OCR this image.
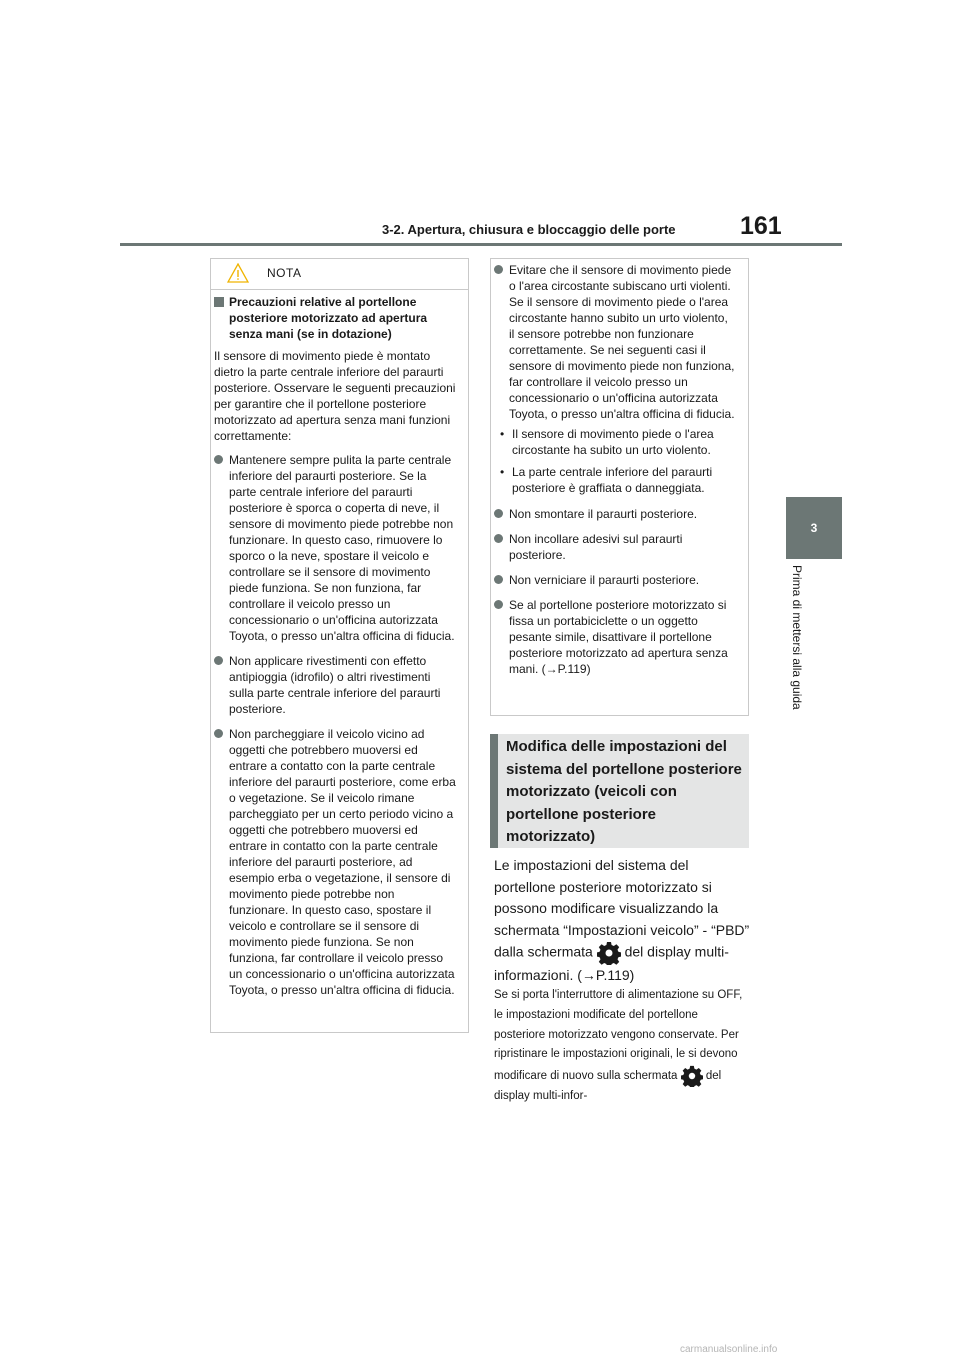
3-2. Apertura, chiusura e bloccaggio delle porte	161
3
Prima di mettersi alla guida
NOTA
Precauzioni relative al portellone posteriore motorizzato ad apertura senza mani (se in dotazione)
Il sensore di movimento piede è montato dietro la parte centrale inferiore del paraurti posteriore. Osservare le seguenti precauzioni per garantire che il portellone posteriore motorizzato ad apertura senza mani funzioni correttamente:
Mantenere sempre pulita la parte centrale inferiore del paraurti posteriore. Se la parte centrale inferiore del paraurti posteriore è sporca o coperta di neve, il sensore di movimento piede potrebbe non funzionare. In questo caso, rimuovere lo sporco o la neve, spostare il veicolo e controllare se il sensore di movimento piede funziona. Se non funziona, far controllare il veicolo presso un concessionario o un'officina autorizzata Toyota, o presso un'altra officina di fiducia.
Non applicare rivestimenti con effetto antipioggia (idrofilo) o altri rivestimenti sulla parte centrale inferiore del paraurti posteriore.
Non parcheggiare il veicolo vicino ad oggetti che potrebbero muoversi ed entrare a contatto con la parte centrale inferiore del paraurti posteriore, come erba o vegetazione. Se il veicolo rimane parcheggiato per un certo periodo vicino a oggetti che potrebbero muoversi ed entrare in contatto con la parte centrale inferiore del paraurti posteriore, ad esempio erba o vegetazione, il sensore di movimento piede potrebbe non funzionare. In questo caso, spostare il veicolo e controllare se il sensore di movimento piede funziona. Se non funziona, far controllare il veicolo presso un concessionario o un'officina autorizzata Toyota, o presso un'altra officina di fiducia.
Evitare che il sensore di movimento piede o l'area circostante subiscano urti violenti. Se il sensore di movimento piede o l'area circostante hanno subito un urto violento, il sensore potrebbe non funzionare correttamente. Se nei seguenti casi il sensore di movimento piede non funziona, far controllare il veicolo presso un concessionario o un'officina autorizzata Toyota, o presso un'altra officina di fiducia.
• Il sensore di movimento piede o l'area circostante ha subito un urto violento.
• La parte centrale inferiore del paraurti posteriore è graffiata o danneggiata.
Non smontare il paraurti posteriore.
Non incollare adesivi sul paraurti posteriore.
Non verniciare il paraurti posteriore.
Se al portellone posteriore motorizzato si fissa un portabiciclette o un oggetto pesante simile, disattivare il portellone posteriore motorizzato ad apertura senza mani. (→P.119)
Modifica delle impostazioni del sistema del portellone posteriore motorizzato (veicoli con portellone posteriore motorizzato)
Le impostazioni del sistema del portellone posteriore motorizzato si possono modificare visualizzando la schermata “Impostazioni veicolo” - “PBD” dalla schermata del display multi-informazioni. (→P.119)
Se si porta l'interruttore di alimentazione su OFF, le impostazioni modificate del portellone posteriore motorizzato vengono conservate. Per ripristinare le impostazioni originali, le si devono modificare di nuovo sulla schermata del display multi-infor-
carmanualsonline.info
